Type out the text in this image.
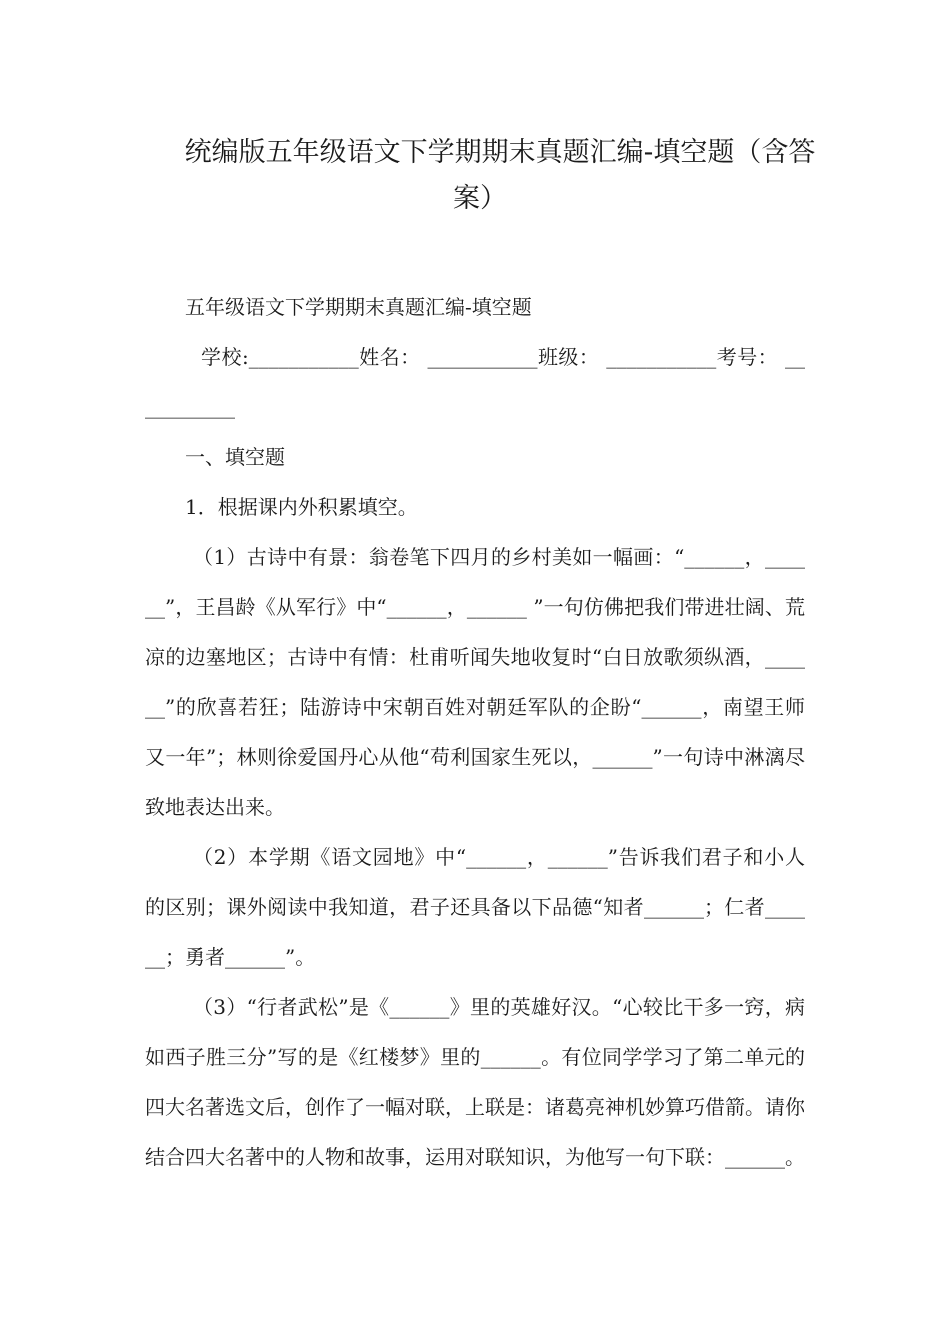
统编版五年级语文下学期期末真题汇编-填空题（含答
案）

五年级语文下学期期末真题汇编-填空题

学校:___________姓名： ___________班级： ___________考号： ___________

一、填空题

1．根据课内外积累填空。

（1）古诗中有景：翁卷笔下四月的乡村美如一幅画：“______，______”，王昌龄《从军行》中“______，______ ”一句仿佛把我们带进壮阔、荒凉的边塞地区；古诗中有情：杜甫听闻失地收复时“白日放歌须纵酒，______”的欣喜若狂；陆游诗中宋朝百姓对朝廷军队的企盼“______，南望王师又一年”；林则徐爱国丹心从他“苟利国家生死以，______”一句诗中淋漓尽致地表达出来。

（2）本学期《语文园地》中“______，______”告诉我们君子和小人的区别；课外阅读中我知道，君子还具备以下品德“知者______；仁者______；勇者______”。

（3）“行者武松”是《______》里的英雄好汉。“心较比干多一窍，病如西子胜三分”写的是《红楼梦》里的______。有位同学学习了第二单元的四大名著选文后，创作了一幅对联，上联是：诸葛亮神机妙算巧借箭。请你结合四大名著中的人物和故事，运用对联知识，为他写一句下联：______。
